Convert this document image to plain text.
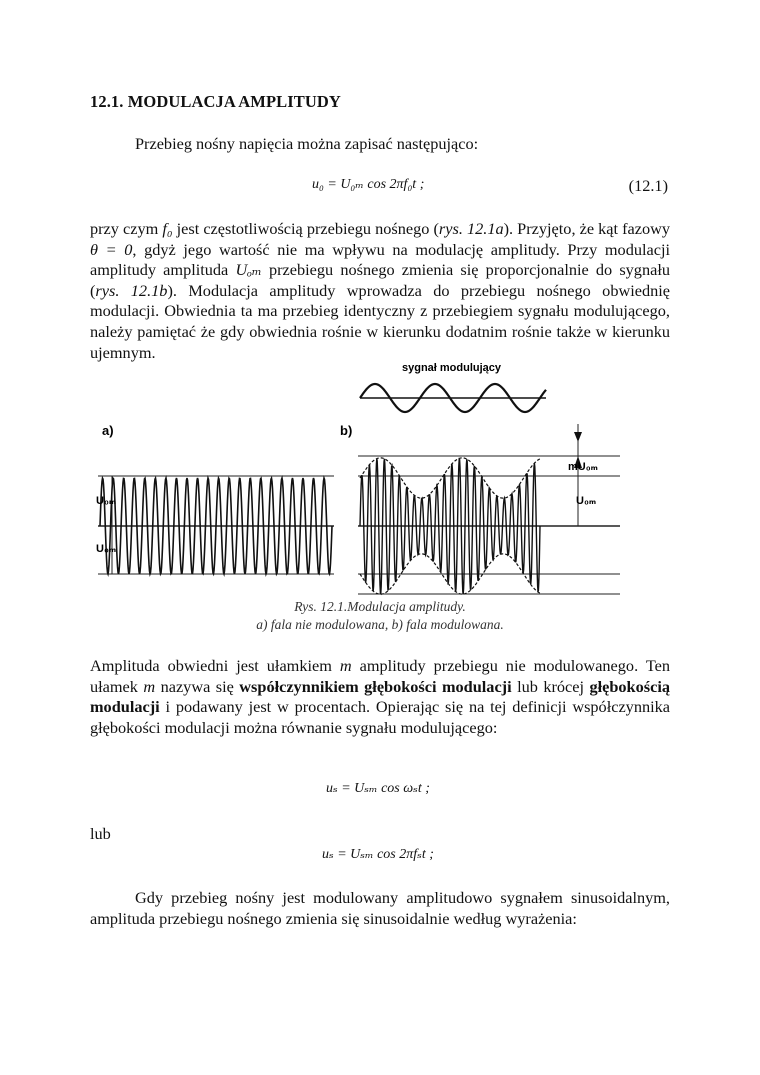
12.1. MODULACJA AMPLITUDY
Przebieg nośny napięcia można zapisać następująco:
u₀ = U₀ₘ cos 2πf₀t ;	(12.1)
przy czym f₀ jest częstotliwością przebiegu nośnego (rys. 12.1a). Przyjęto, że kąt fazowy θ = 0, gdyż jego wartość nie ma wpływu na modulację amplitudy. Przy modulacji amplitudy amplituda Uₒₘ przebiegu nośnego zmienia się proporcjonalnie do sygnału (rys. 12.1b). Modulacja amplitudy wprowadza do przebiegu nośnego obwiednię modulacji. Obwiednia ta ma przebieg identyczny z przebiegiem sygnału modulującego, należy pamiętać że gdy obwiednia rośnie w kierunku dodatnim rośnie także w kierunku ujemnym.
sygnał modulujący
a)	b)
U₀ₘ
U₀ₘ
mU₀ₘ
U₀ₘ
Rys. 12.1.Modulacja amplitudy.
a) fala nie modulowana, b) fala modulowana.
Amplituda obwiedni jest ułamkiem m amplitudy przebiegu nie modulowanego. Ten ułamek m nazywa się współczynnikiem głębokości modulacji lub krócej głębokością modulacji i podawany jest w procentach. Opierając się na tej definicji współczynnika głębokości modulacji można równanie sygnału modulującego:
uₛ = Uₛₘ cos ωₛt ;
lub
uₛ = Uₛₘ cos 2πfₛt ;
Gdy przebieg nośny jest modulowany amplitudowo sygnałem sinusoidalnym, amplituda przebiegu nośnego zmienia się sinusoidalnie według wyrażenia:
